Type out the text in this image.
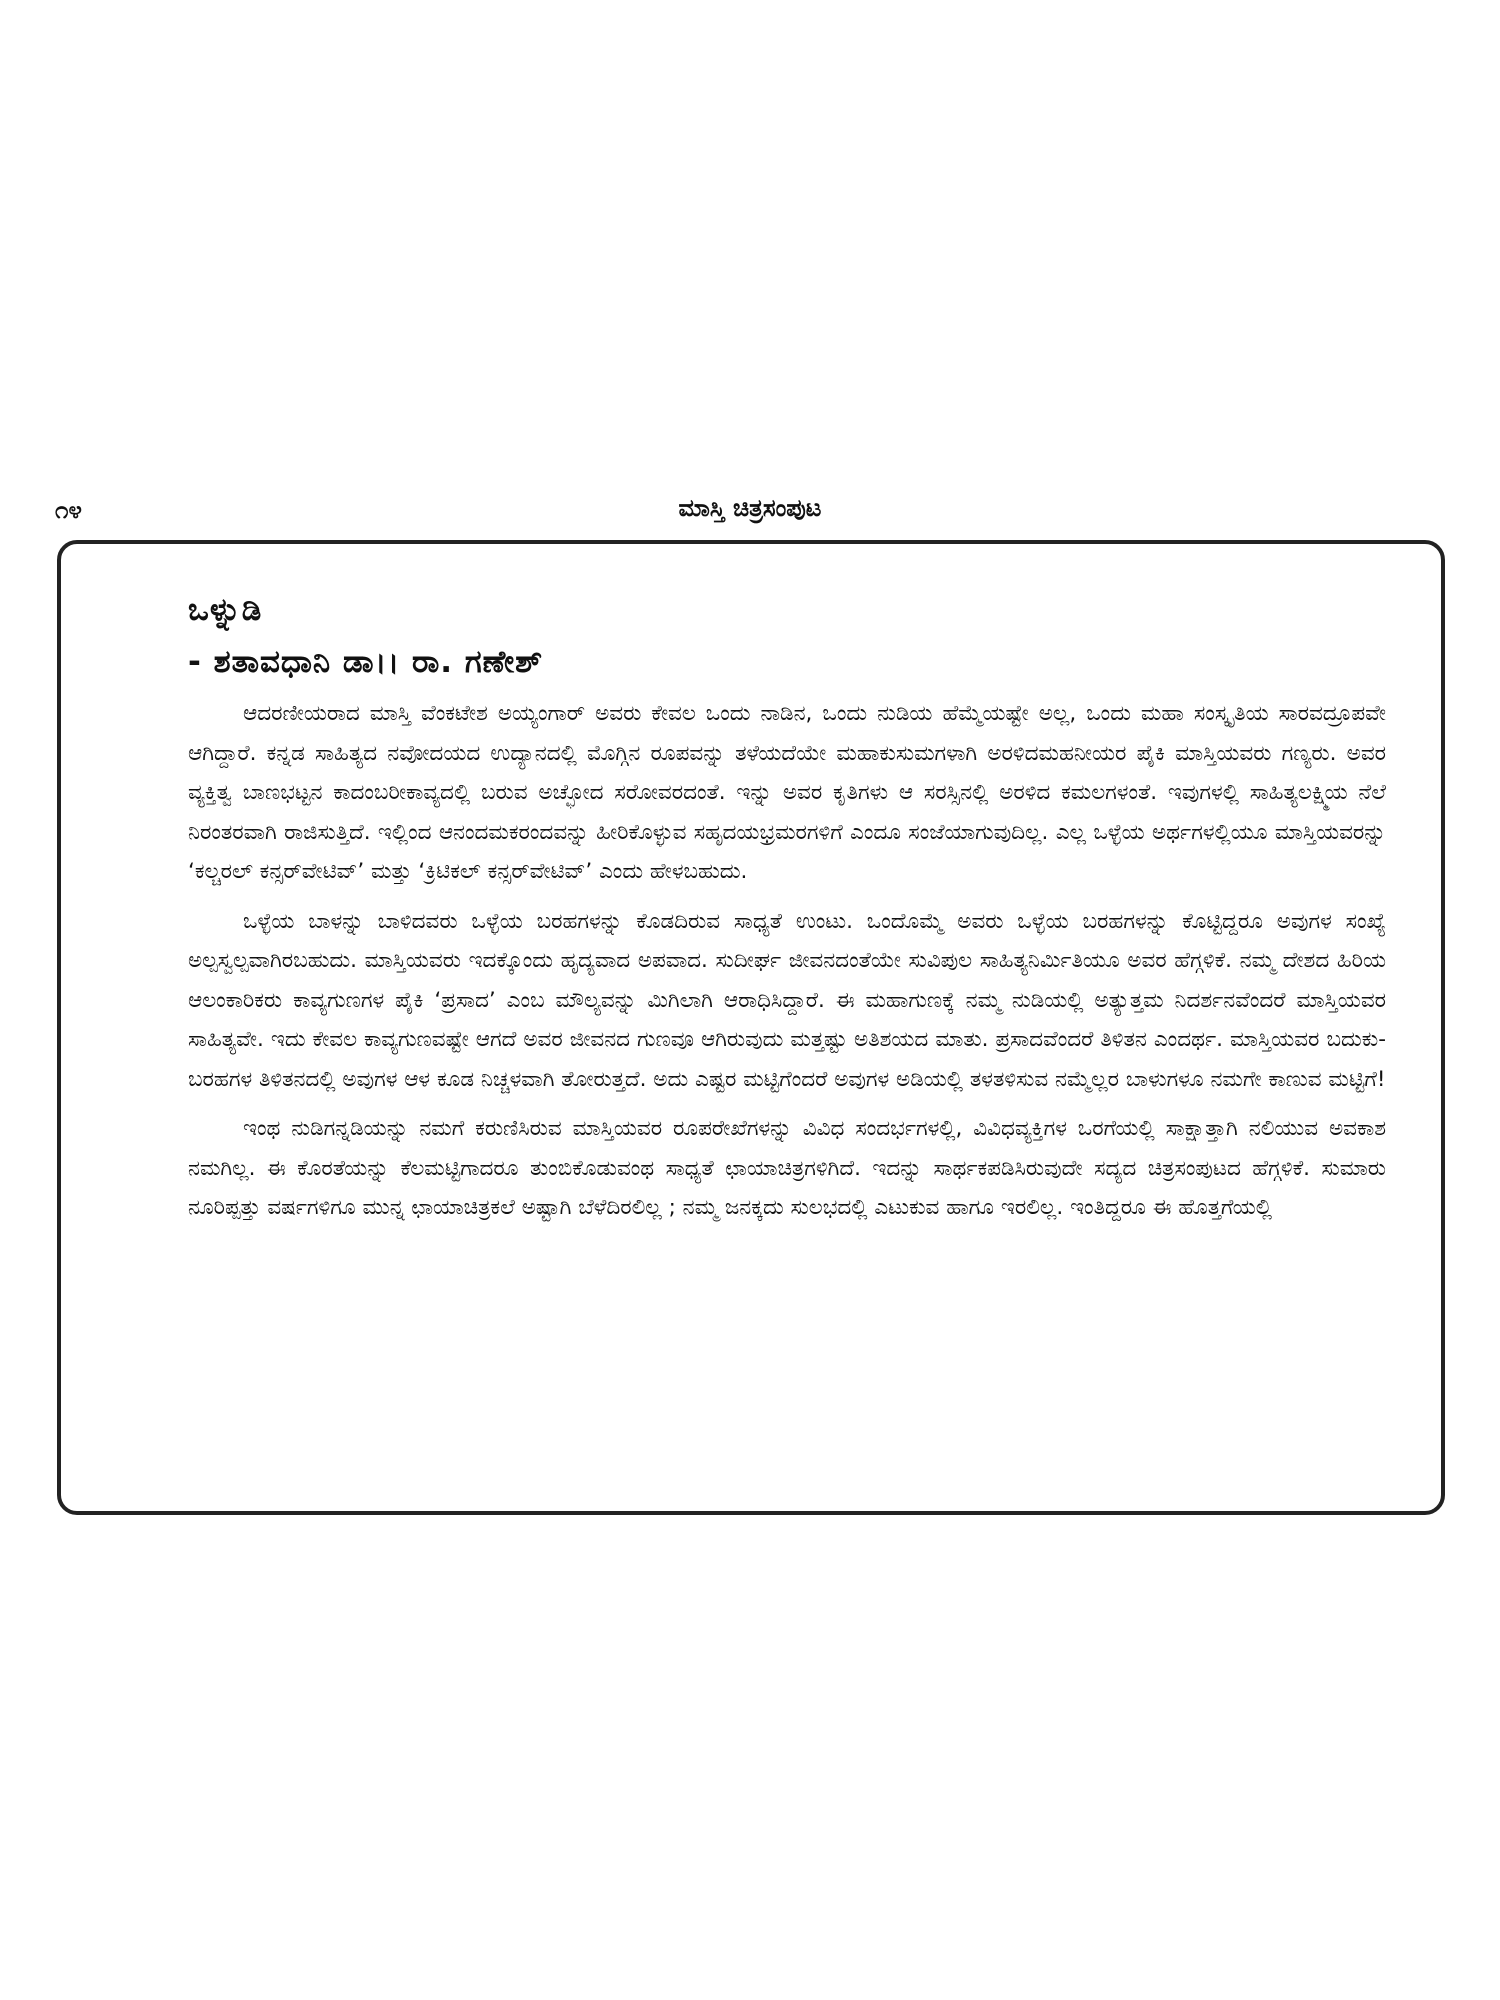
೧೪	ಮಾಸ್ತಿ ಚಿತ್ರಸಂಪುಟ
ಒಳ್ನುಡಿ
- ಶತಾವಧಾನಿ ಡಾ।। ರಾ. ಗಣೇಶ್

ಆದರಣೀಯರಾದ ಮಾಸ್ತಿ ವೆಂಕಟೇಶ ಅಯ್ಯಂಗಾರ್ ಅವರು ಕೇವಲ ಒಂದು ನಾಡಿನ, ಒಂದು ನುಡಿಯ ಹೆಮ್ಮೆಯಷ್ಟೇ ಅಲ್ಲ, ಒಂದು ಮಹಾ ಸಂಸ್ಕೃತಿಯ ಸಾರವದ್ರೂಪವೇ ಆಗಿದ್ದಾರೆ. ಕನ್ನಡ ಸಾಹಿತ್ಯದ ನವೋದಯದ ಉದ್ಯಾನದಲ್ಲಿ ಮೊಗ್ಗಿನ ರೂಪವನ್ನು ತಳೆಯದೆಯೇ ಮಹಾಕುಸುಮಗಳಾಗಿ ಅರಳಿದಮಹನೀಯರ ಪೈಕಿ ಮಾಸ್ತಿಯವರು ಗಣ್ಯರು. ಅವರ ವ್ಯಕ್ತಿತ್ವ ಬಾಣಭಟ್ಟನ ಕಾದಂಬರೀಕಾವ್ಯದಲ್ಲಿ ಬರುವ ಅಚ್ಛೋದ ಸರೋವರದಂತೆ. ಇನ್ನು ಅವರ ಕೃತಿಗಳು ಆ ಸರಸ್ಸಿನಲ್ಲಿ ಅರಳಿದ ಕಮಲಗಳಂತೆ. ಇವುಗಳಲ್ಲಿ ಸಾಹಿತ್ಯಲಕ್ಷ್ಮಿಯ ನೆಲೆ ನಿರಂತರವಾಗಿ ರಾಜಿಸುತ್ತಿದೆ. ಇಲ್ಲಿಂದ ಆನಂದಮಕರಂದವನ್ನು ಹೀರಿಕೊಳ್ಳುವ ಸಹೃದಯಭ್ರಮರಗಳಿಗೆ ಎಂದೂ ಸಂಜೆಯಾಗುವುದಿಲ್ಲ. ಎಲ್ಲ ಒಳ್ಳೆಯ ಅರ್ಥಗಳಲ್ಲಿಯೂ ಮಾಸ್ತಿಯವರನ್ನು ‘ಕಲ್ಚರಲ್ ಕನ್ಸರ್‌ವೇಟಿವ್’ ಮತ್ತು ‘ಕ್ರಿಟಿಕಲ್ ಕನ್ಸರ್‌ವೇಟಿವ್’ ಎಂದು ಹೇಳಬಹುದು.

ಒಳ್ಳೆಯ ಬಾಳನ್ನು ಬಾಳಿದವರು ಒಳ್ಳೆಯ ಬರಹಗಳನ್ನು ಕೊಡದಿರುವ ಸಾಧ್ಯತೆ ಉಂಟು. ಒಂದೊಮ್ಮೆ ಅವರು ಒಳ್ಳೆಯ ಬರಹಗಳನ್ನು ಕೊಟ್ಟಿದ್ದರೂ ಅವುಗಳ ಸಂಖ್ಯೆ ಅಲ್ಪಸ್ವಲ್ಪವಾಗಿರಬಹುದು. ಮಾಸ್ತಿಯವರು ಇದಕ್ಕೊಂದು ಹೃದ್ಯವಾದ ಅಪವಾದ. ಸುದೀರ್ಘ ಜೀವನದಂತೆಯೇ ಸುವಿಪುಲ ಸಾಹಿತ್ಯನಿರ್ಮಿತಿಯೂ ಅವರ ಹೆಗ್ಗಳಿಕೆ. ನಮ್ಮ ದೇಶದ ಹಿರಿಯ ಆಲಂಕಾರಿಕರು ಕಾವ್ಯಗುಣಗಳ ಪೈಕಿ ‘ಪ್ರಸಾದ’ ಎಂಬ ಮೌಲ್ಯವನ್ನು ಮಿಗಿಲಾಗಿ ಆರಾಧಿಸಿದ್ದಾರೆ. ಈ ಮಹಾಗುಣಕ್ಕೆ ನಮ್ಮ ನುಡಿಯಲ್ಲಿ ಅತ್ಯುತ್ತಮ ನಿದರ್ಶನವೆಂದರೆ ಮಾಸ್ತಿಯವರ ಸಾಹಿತ್ಯವೇ. ಇದು ಕೇವಲ ಕಾವ್ಯಗುಣವಷ್ಟೇ ಆಗದೆ ಅವರ ಜೀವನದ ಗುಣವೂ ಆಗಿರುವುದು ಮತ್ತಷ್ಟು ಅತಿಶಯದ ಮಾತು. ಪ್ರಸಾದವೆಂದರೆ ತಿಳಿತನ ಎಂದರ್ಥ. ಮಾಸ್ತಿಯವರ ಬದುಕು-ಬರಹಗಳ ತಿಳಿತನದಲ್ಲಿ ಅವುಗಳ ಆಳ ಕೂಡ ನಿಚ್ಚಳವಾಗಿ ತೋರುತ್ತದೆ. ಅದು ಎಷ್ಟರ ಮಟ್ಟಿಗೆಂದರೆ ಅವುಗಳ ಅಡಿಯಲ್ಲಿ ತಳತಳಿಸುವ ನಮ್ಮೆಲ್ಲರ ಬಾಳುಗಳೂ ನಮಗೇ ಕಾಣುವ ಮಟ್ಟಿಗೆ!

ಇಂಥ ನುಡಿಗನ್ನಡಿಯನ್ನು ನಮಗೆ ಕರುಣಿಸಿರುವ ಮಾಸ್ತಿಯವರ ರೂಪರೇಖೆಗಳನ್ನು ವಿವಿಧ ಸಂದರ್ಭಗಳಲ್ಲಿ, ವಿವಿಧವ್ಯಕ್ತಿಗಳ ಒರಗೆಯಲ್ಲಿ ಸಾಕ್ಷಾತ್ತಾಗಿ ನಲಿಯುವ ಅವಕಾಶ ನಮಗಿಲ್ಲ. ಈ ಕೊರತೆಯನ್ನು ಕೆಲಮಟ್ಟಿಗಾದರೂ ತುಂಬಿಕೊಡುವಂಥ ಸಾಧ್ಯತೆ ಛಾಯಾಚಿತ್ರಗಳಿಗಿದೆ. ಇದನ್ನು ಸಾರ್ಥಕಪಡಿಸಿರುವುದೇ ಸದ್ಯದ ಚಿತ್ರಸಂಪುಟದ ಹೆಗ್ಗಳಿಕೆ. ಸುಮಾರು ನೂರಿಪ್ಪತ್ತು ವರ್ಷಗಳಿಗೂ ಮುನ್ನ ಛಾಯಾಚಿತ್ರಕಲೆ ಅಷ್ಟಾಗಿ ಬೆಳೆದಿರಲಿಲ್ಲ ; ನಮ್ಮ ಜನಕ್ಕದು ಸುಲಭದಲ್ಲಿ ಎಟುಕುವ ಹಾಗೂ ಇರಲಿಲ್ಲ. ಇಂತಿದ್ದರೂ ಈ ಹೊತ್ತಗೆಯಲ್ಲಿ
